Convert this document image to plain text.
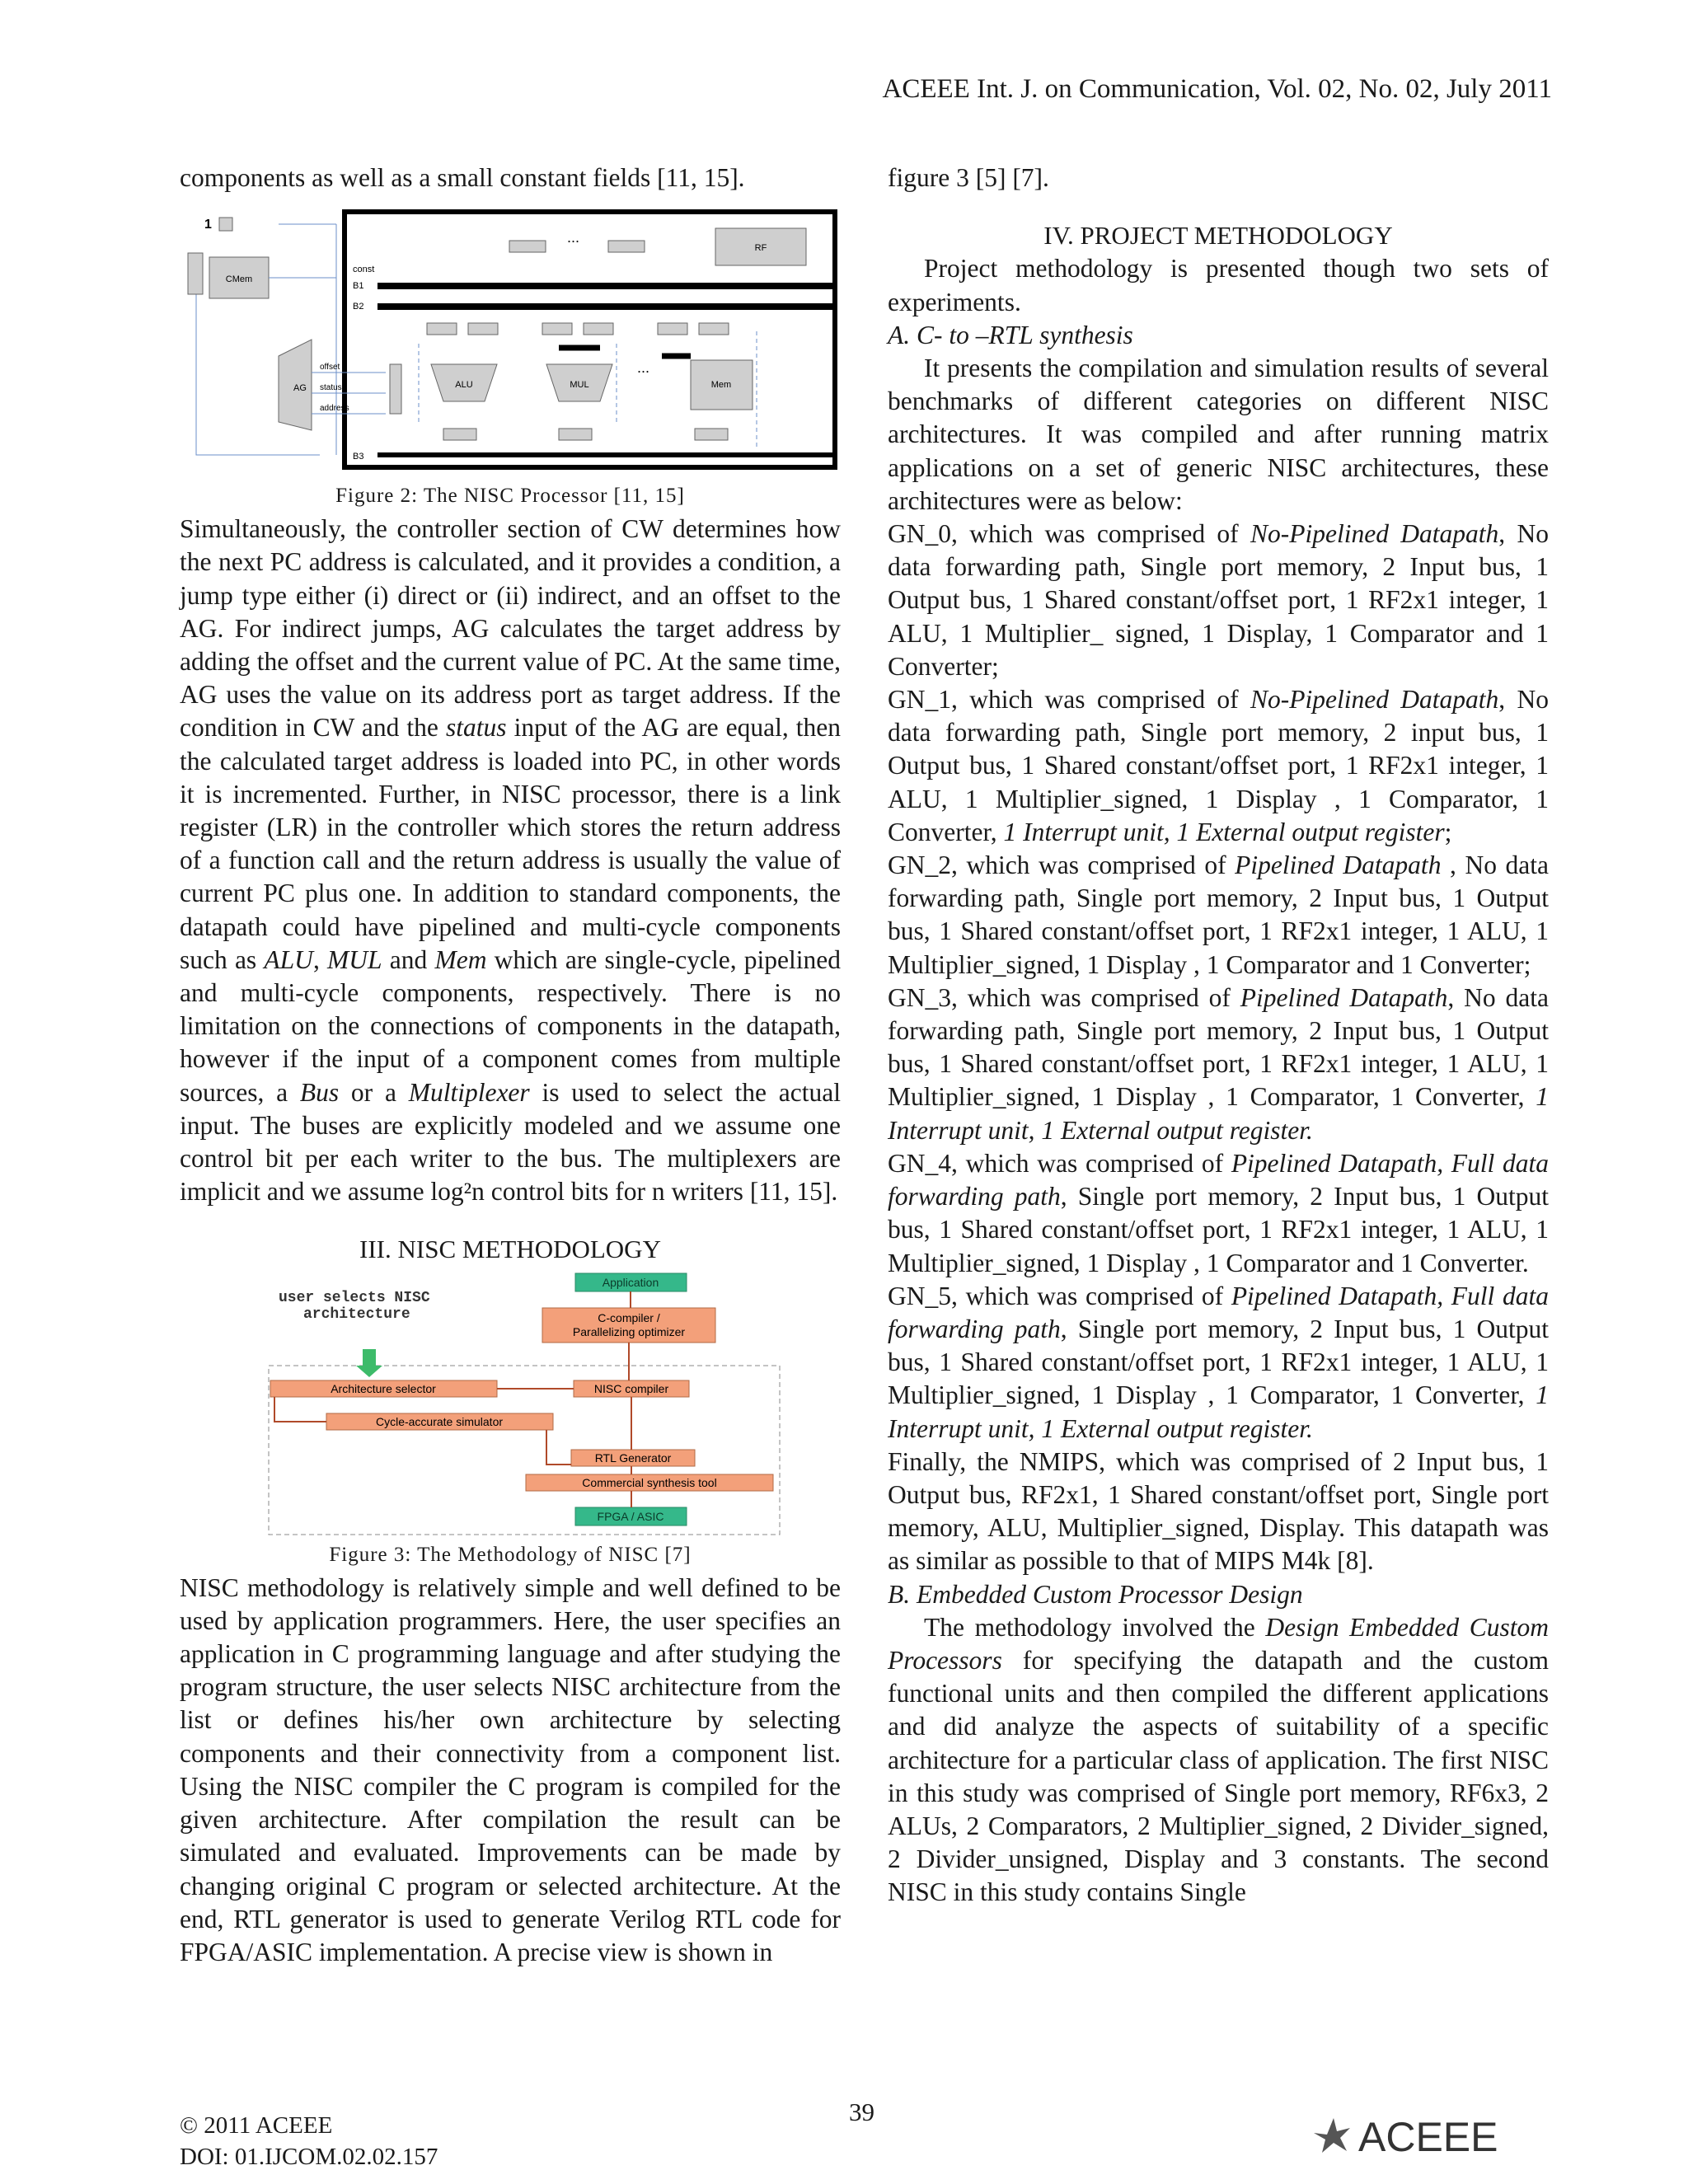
ACEEE Int. J. on Communication, Vol. 02, No. 02, July 2011

components as well as a small constant fields [11, 15].

CMem
1
AG
B1
B2
B3
const
RF
...
ALU	MUL
...
Mem
offset
status
address

Figure 2: The NISC Processor [11, 15]

Simultaneously, the controller section of CW determines how the next PC address is calculated, and it provides a condition, a jump type either (i) direct or (ii) indirect, and an offset to the AG. For indirect jumps, AG calculates the target address by adding the offset and the current value of PC. At the same time, AG uses the value on its address port as target address. If the condition in CW and the status input of the AG are equal, then the calculated target address is loaded into PC, in other words it is incremented. Further, in NISC processor, there is a link register (LR) in the controller which stores the return address of a function call and the return address is usually the value of current PC plus one. In addition to standard components, the datapath could have pipelined and multi-cycle components such as ALU, MUL and Mem which are single-cycle, pipelined and multi-cycle components, respectively. There is no limitation on the connections of components in the datapath, however if the input of a component comes from multiple sources, a Bus or a Multiplexer is used to select the actual input. The buses are explicitly modeled and we assume one control bit per each writer to the bus. The multiplexers are implicit and we assume log²n control bits for n writers [11, 15].

III. NISC METHODOLOGY

user selects NISC
architecture
Application
C-compiler /
Parallelizing optimizer
Architecture selector	NISC compiler
Cycle-accurate simulator
RTL Generator
Commercial synthesis tool
FPGA / ASIC

Figure 3: The Methodology of NISC [7]

NISC methodology is relatively simple and well defined to be used by application programmers. Here, the user specifies an application in C programming language and after studying the program structure, the user selects NISC architecture from the list or defines his/her own architecture by selecting components and their connectivity from a component list. Using the NISC compiler the C program is compiled for the given architecture. After compilation the result can be simulated and evaluated. Improvements can be made by changing original C program or selected architecture. At the end, RTL generator is used to generate Verilog RTL code for FPGA/ASIC implementation. A precise view is shown in

figure 3 [5] [7].

IV. PROJECT METHODOLOGY

Project methodology is presented though two sets of experiments.

A. C- to –RTL synthesis

It presents the compilation and simulation results of several benchmarks of different categories on different NISC architectures. It was compiled and after running matrix applications on a set of generic NISC architectures, these architectures were as below:

GN_0, which was comprised of No-Pipelined Datapath, No data forwarding path, Single port memory, 2 Input bus, 1 Output bus, 1 Shared constant/offset port, 1 RF2x1 integer, 1 ALU, 1 Multiplier_ signed, 1 Display, 1 Comparator and 1 Converter;

GN_1, which was comprised of No-Pipelined Datapath, No data forwarding path, Single port memory, 2 input bus, 1 Output bus, 1 Shared constant/offset port, 1 RF2x1 integer, 1 ALU, 1 Multiplier_signed, 1 Display , 1 Comparator, 1 Converter, 1 Interrupt unit, 1 External output register;

GN_2, which was comprised of Pipelined Datapath , No data forwarding path, Single port memory, 2 Input bus, 1 Output bus, 1 Shared constant/offset port, 1 RF2x1 integer, 1 ALU, 1 Multiplier_signed, 1 Display , 1 Comparator and 1 Converter;

GN_3, which was comprised of Pipelined Datapath, No data forwarding path, Single port memory, 2 Input bus, 1 Output bus, 1 Shared constant/offset port, 1 RF2x1 integer, 1 ALU, 1 Multiplier_signed, 1 Display , 1 Comparator, 1 Converter, 1 Interrupt unit, 1 External output register.

GN_4, which was comprised of Pipelined Datapath, Full data forwarding path, Single port memory, 2 Input bus, 1 Output bus, 1 Shared constant/offset port, 1 RF2x1 integer, 1 ALU, 1 Multiplier_signed, 1 Display , 1 Comparator and 1 Converter.

GN_5, which was comprised of Pipelined Datapath, Full data forwarding path, Single port memory, 2 Input bus, 1 Output bus, 1 Shared constant/offset port, 1 RF2x1 integer, 1 ALU, 1 Multiplier_signed, 1 Display , 1 Comparator, 1 Converter, 1 Interrupt unit, 1 External output register.

Finally, the NMIPS, which was comprised of 2 Input bus, 1 Output bus, RF2x1, 1 Shared constant/offset port, Single port memory, ALU, Multiplier_signed, Display. This datapath was as similar as possible to that of MIPS M4k [8].

B. Embedded Custom Processor Design

The methodology involved the Design Embedded Custom Processors for specifying the datapath and the custom functional units and then compiled the different applications and did analyze the aspects of suitability of a specific architecture for a particular class of application. The first NISC in this study was comprised of Single port memory, RF6x3, 2 ALUs, 2 Comparators, 2 Multiplier_signed, 2 Divider_signed, 2 Divider_unsigned, Display and 3 constants. The second NISC in this study contains Single

39
© 2011 ACEEE
DOI: 01.IJCOM.02.02.157	ACEEE
